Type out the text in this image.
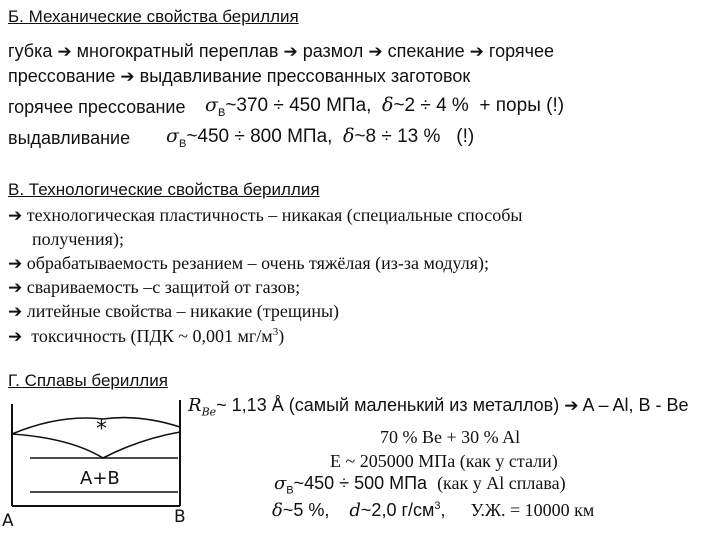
Б. Механические свойства бериллия
губка ➔ многократный переплав ➔ размол ➔ спекание ➔ горячее
прессование ➔ выдавливание прессованных заготовок
горячее прессование $\sigma_B\sim 370 \div 450$ МПа, δ~2 ÷ 4 % + поры (!)
выдавливание $\sigma_B\sim 450 \div 800$ МПа, δ~8 ÷ 13 % (!)
В. Технологические свойства бериллия
➔ технологическая пластичность – никакая (специальные способы
получения);
➔ обрабатываемость резанием – очень тяжёлая (из-за модуля);
➔ свариваемость –с защитой от газов;
➔ литейные свойства – никакие (трещины)
➔ токсичность (ПДК ~ 0,001 $мг/м^3$)
Г. Сплавы бериллия
*
A+B
A	B
$R_{Be}\sim$ 1,13 Å (самый маленький из металлов) ➔ A – Al, B - Be
70 % Be + 30 % Al
E ~ 205000 МПа (как у стали)
$\sigma_B\sim 450 \div 500$ МПа (как у Al сплава)
δ~5 %, d~2,0 $г/см^3$, У.Ж. = 10000 км
